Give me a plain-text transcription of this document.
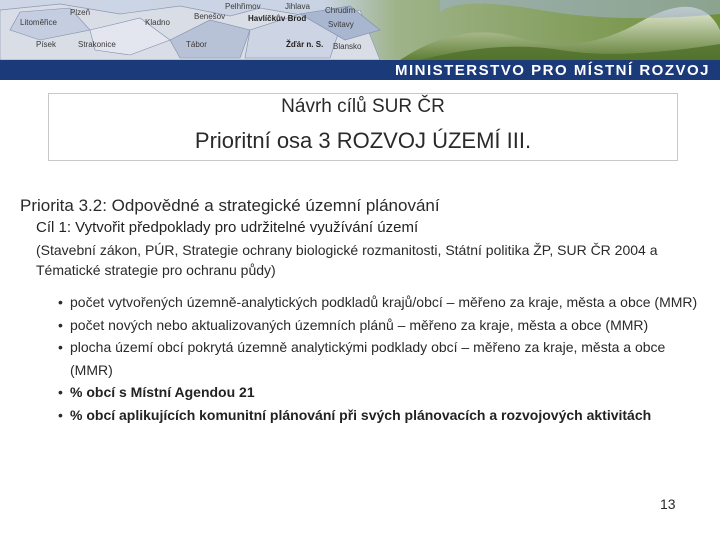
Plzeň
Litoměřice	Kladno
Benešov
Pelhřimov	Jihlava
Havlíčkův Brod
Chrudim
Svitavy
Strakonice	Tábor	Žďár n. S. Blansko
Písek
MINISTERSTVO PRO MÍSTNÍ ROZVOJ
Návrh cílů SUR ČR
Prioritní osa 3 ROZVOJ ÚZEMÍ III.
Priorita 3.2: Odpovědné a strategické územní plánování
Cíl 1: Vytvořit předpoklady pro udržitelné využívání území
(Stavební zákon, PÚR, Strategie ochrany biologické rozmanitosti, Státní politika ŽP, SUR ČR 2004 a Tématické strategie pro ochranu půdy)
• počet vytvořených územně-analytických podkladů krajů/obcí – měřeno za kraje, města a obce (MMR)
• počet nových nebo aktualizovaných územních plánů – měřeno za kraje, města a obce (MMR)
• plocha území obcí pokrytá územně analytickými podklady obcí – měřeno za kraje, města a obce (MMR)
• % obcí s Místní Agendou 21
• % obcí aplikujících komunitní plánování při svých plánovacích a rozvojových aktivitách
13
